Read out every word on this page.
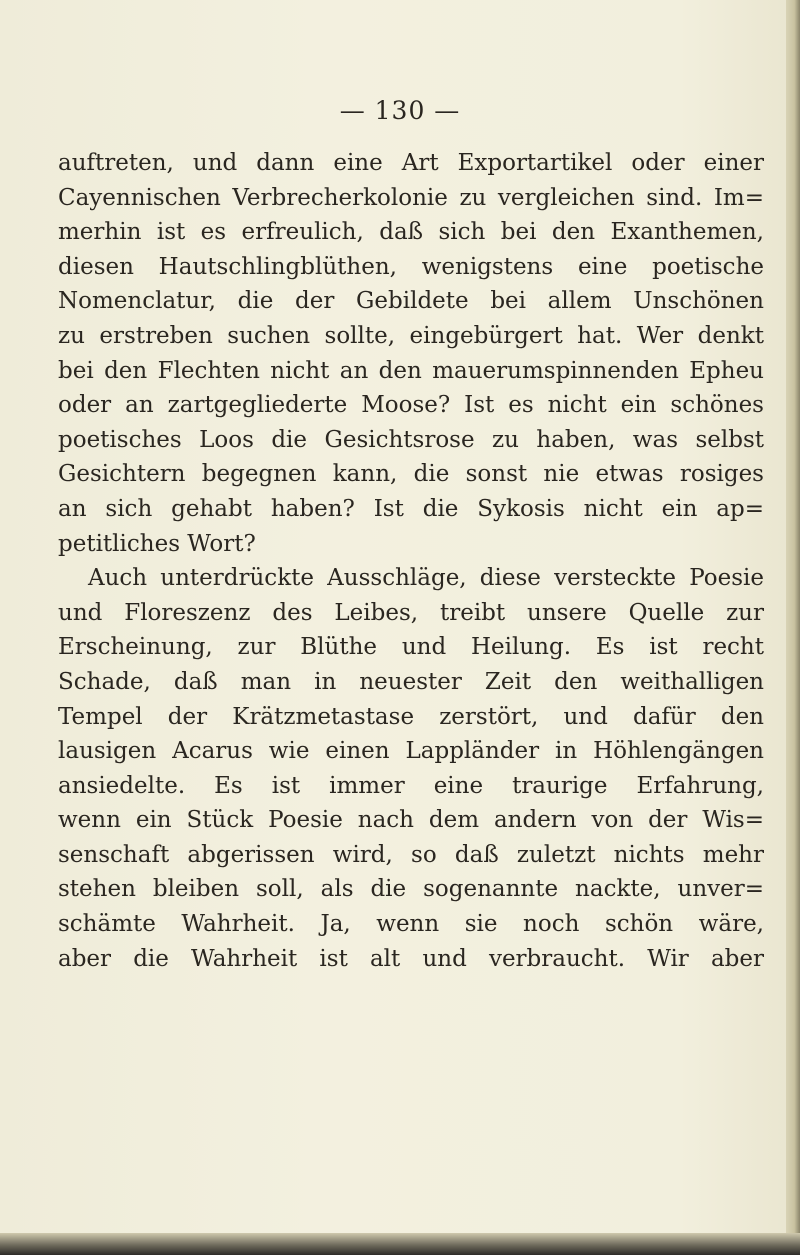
— 130 —
auftreten, und dann eine Art Exportartikel oder einer
Cayennischen Verbrecherkolonie zu vergleichen sind. Im=
merhin ist es erfreulich, daß sich bei den Exanthemen,
diesen Hautschlingblüthen, wenigstens eine poetische
Nomenclatur, die der Gebildete bei allem Unschönen
zu erstreben suchen sollte, eingebürgert hat. Wer denkt
bei den Flechten nicht an den mauerumspinnenden Epheu
oder an zartgegliederte Moose? Ist es nicht ein schönes
poetisches Loos die Gesichtsrose zu haben, was selbst
Gesichtern begegnen kann, die sonst nie etwas rosiges
an sich gehabt haben? Ist die Sykosis nicht ein ap=
petitliches Wort?
Auch unterdrückte Ausschläge, diese versteckte Poesie
und Floreszenz des Leibes, treibt unsere Quelle zur
Erscheinung, zur Blüthe und Heilung. Es ist recht
Schade, daß man in neuester Zeit den weithalligen
Tempel der Krätzmetastase zerstört, und dafür den
lausigen Acarus wie einen Lappländer in Höhlengängen
ansiedelte. Es ist immer eine traurige Erfahrung,
wenn ein Stück Poesie nach dem andern von der Wis=
senschaft abgerissen wird, so daß zuletzt nichts mehr
stehen bleiben soll, als die sogenannte nackte, unver=
schämte Wahrheit. Ja, wenn sie noch schön wäre,
aber die Wahrheit ist alt und verbraucht. Wir aber
